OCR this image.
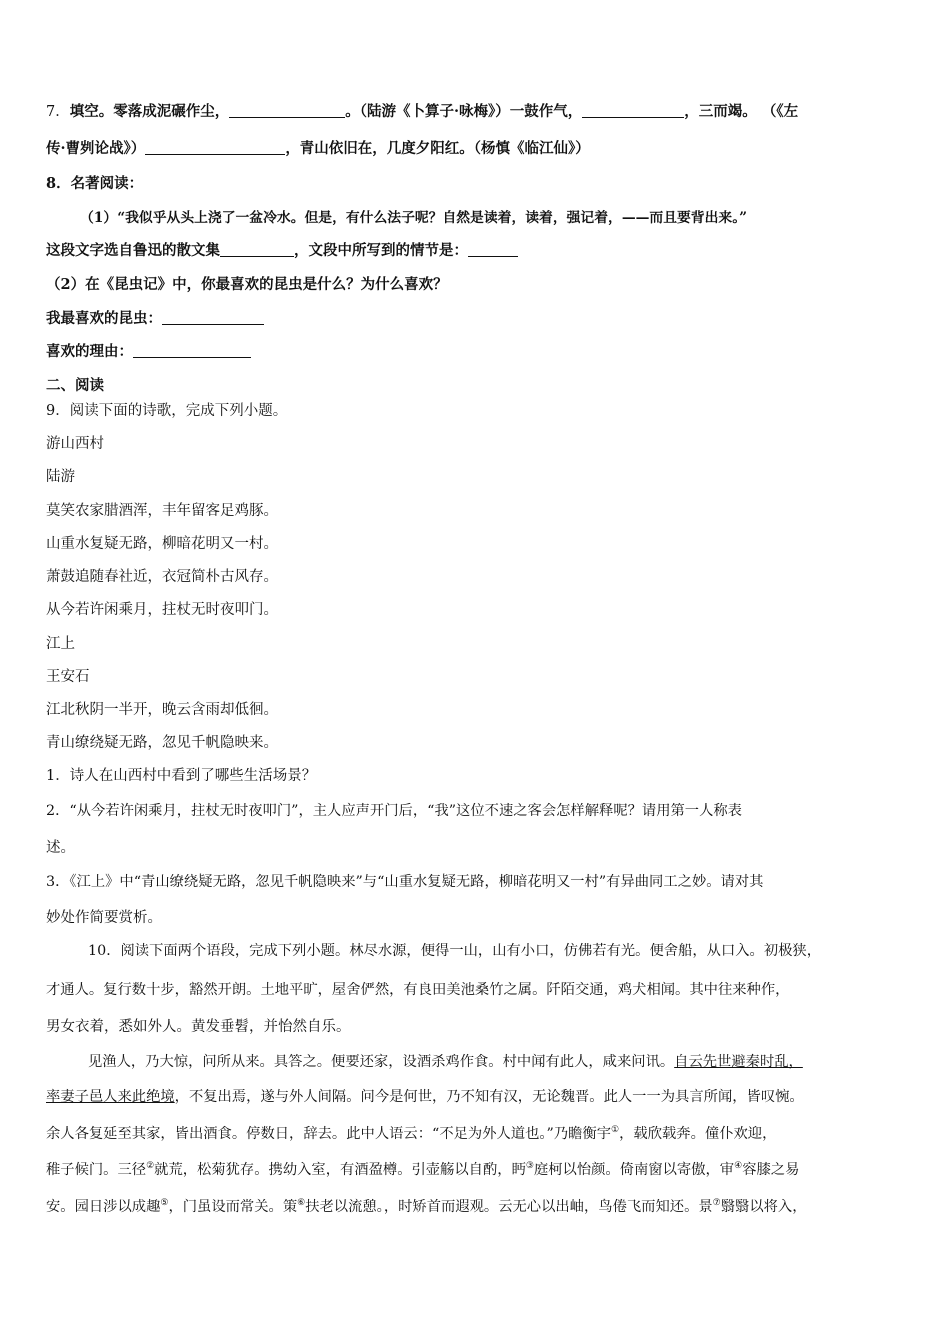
7．填空。零落成泥碾作尘，	。（陆游《卜算子·咏梅》）一鼓作气，	，三而竭。 （《左
传·曹刿论战》）	，青山依旧在，几度夕阳红。（杨慎《临江仙》）
8．名著阅读：
（1）“我似乎从头上浇了一盆冷水。但是，有什么法子呢？自然是读着，读着，强记着，——而且要背出来。”
这段文字选自鲁迅的散文集	，文段中所写到的情节是：
（2）在《昆虫记》中，你最喜欢的昆虫是什么？为什么喜欢？
我最喜欢的昆虫：
喜欢的理由：
二、阅读
9．阅读下面的诗歌，完成下列小题。
游山西村
陆游
莫笑农家腊酒浑，丰年留客足鸡豚。
山重水复疑无路，柳暗花明又一村。
萧鼓追随春社近，衣冠简朴古风存。
从今若许闲乘月，拄杖无时夜叩门。
江上
王安石
江北秋阴一半开，晚云含雨却低徊。
青山缭绕疑无路，忽见千帆隐映来。
1．诗人在山西村中看到了哪些生活场景？
2．“从今若许闲乘月，拄杖无时夜叩门”，主人应声开门后，“我”这位不速之客会怎样解释呢？请用第一人称表
述。
3．《江上》中“青山缭绕疑无路，忽见千帆隐映来”与“山重水复疑无路，柳暗花明又一村”有异曲同工之妙。请对其
妙处作简要赏析。
10．阅读下面两个语段，完成下列小题。林尽水源，便得一山，山有小口，仿佛若有光。便舍船，从口入。初极狭，
才通人。复行数十步，豁然开朗。土地平旷，屋舍俨然，有良田美池桑竹之属。阡陌交通，鸡犬相闻。其中往来种作，
男女衣着，悉如外人。黄发垂髫，并怡然自乐。
见渔人，乃大惊，问所从来。具答之。便要还家，设酒杀鸡作食。村中闻有此人，咸来问讯。自云先世避秦时乱，
率妻子邑人来此绝境，不复出焉，遂与外人间隔。问今是何世，乃不知有汉，无论魏晋。此人一一为具言所闻，皆叹惋。
余人各复延至其家，皆出酒食。停数日，辞去。此中人语云：“不足为外人道也。”乃瞻衡宇①，载欣载奔。僮仆欢迎，
稚子候门。三径②就荒，松菊犹存。携幼入室，有酒盈樽。引壶觞以自酌，眄③庭柯以怡颜。倚南窗以寄傲，审④容膝之易
安。园日涉以成趣⑤，门虽设而常关。策⑥扶老以流憩。，时矫首而遐观。云无心以出岫，鸟倦飞而知还。景⑦翳翳以将入，
